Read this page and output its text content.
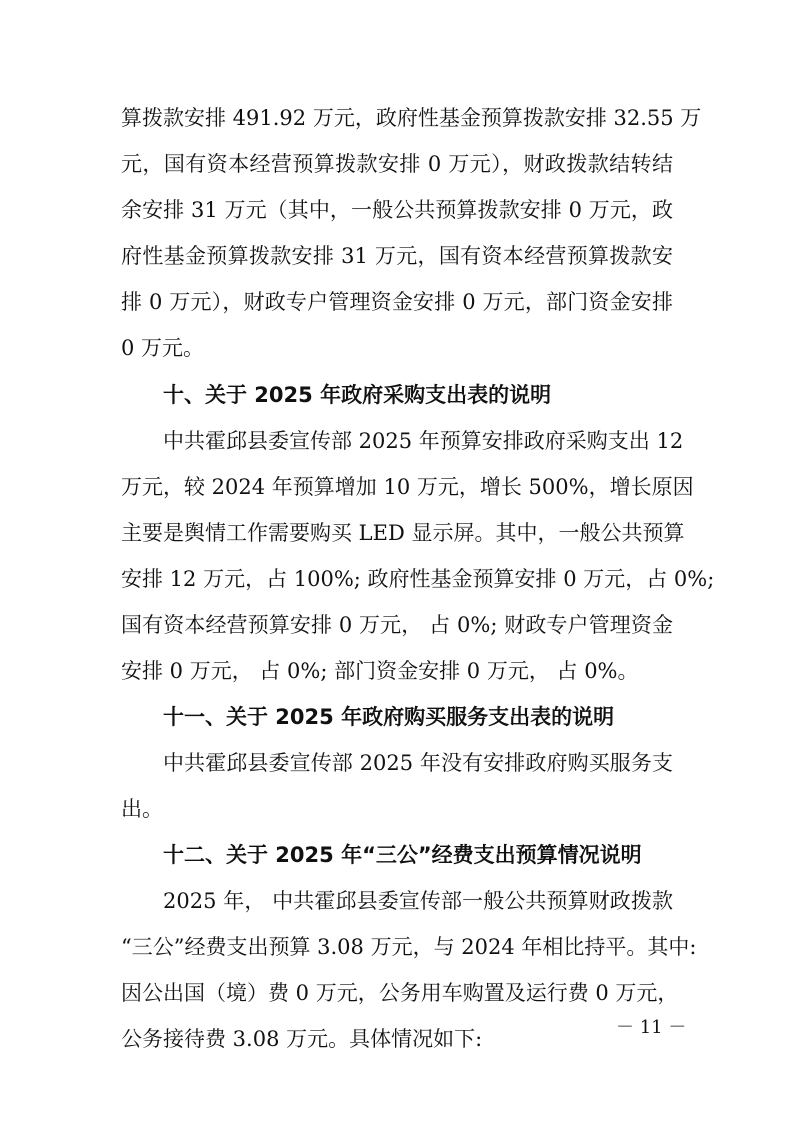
算拨款安排 491.92 万元，政府性基金预算拨款安排 32.55 万
元，国有资本经营预算拨款安排 0 万元），财政拨款结转结
余安排 31 万元（其中，一般公共预算拨款安排 0 万元，政
府性基金预算拨款安排 31 万元，国有资本经营预算拨款安
排 0 万元），财政专户管理资金安排 0 万元，部门资金安排
0 万元。
十、关于 2025 年政府采购支出表的说明
中共霍邱县委宣传部 2025 年预算安排政府采购支出 12
万元，较 2024 年预算增加 10 万元，增长 500%，增长原因
主要是舆情工作需要购买 LED 显示屏。其中，一般公共预算
安排 12 万元，占 100%; 政府性基金预算安排 0 万元，占 0%;
国有资本经营预算安排 0 万元， 占 0%; 财政专户管理资金
安排 0 万元， 占 0%; 部门资金安排 0 万元， 占 0%。
十一、关于 2025 年政府购买服务支出表的说明
中共霍邱县委宣传部 2025 年没有安排政府购买服务支
出。
十二、关于 2025 年“三公”经费支出预算情况说明
2025 年， 中共霍邱县委宣传部一般公共预算财政拨款
“三公”经费支出预算 3.08 万元，与 2024 年相比持平。其中:
因公出国（境）费 0 万元，公务用车购置及运行费 0 万元，
公务接待费 3.08 万元。具体情况如下:	－ 11 －
